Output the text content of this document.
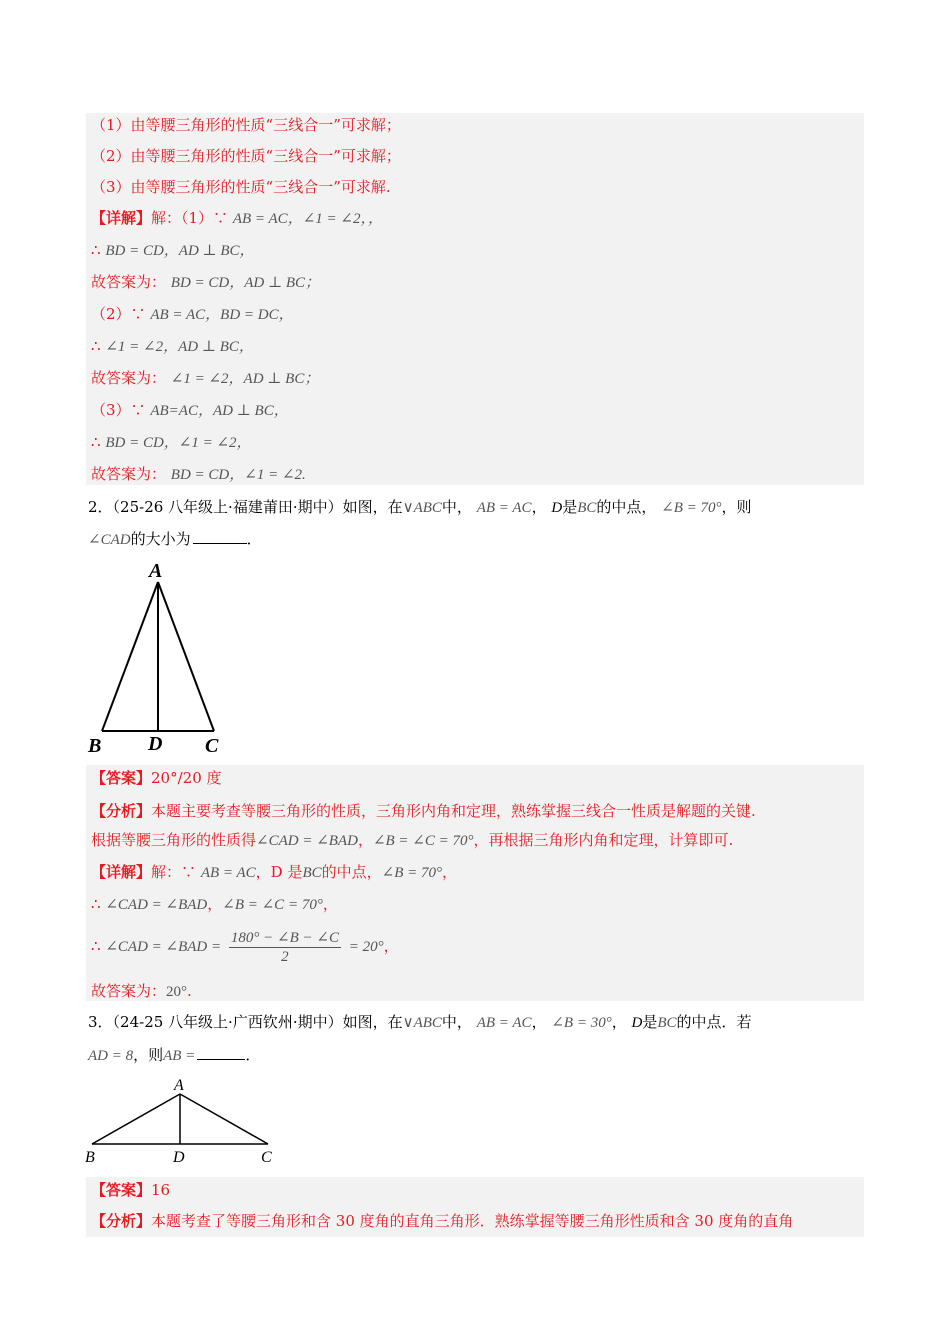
（1）由等腰三角形的性质“三线合一”可求解；
（2）由等腰三角形的性质“三线合一”可求解；
（3）由等腰三角形的性质“三线合一”可求解.
【详解】解：（1）∵ AB = AC，∠1 = ∠2，，
∴ BD = CD，AD ⊥ BC，
故答案为： BD = CD，AD ⊥ BC；
（2）∵ AB = AC，BD = DC，
∴ ∠1 = ∠2，AD ⊥ BC，
故答案为： ∠1 = ∠2，AD ⊥ BC；
（3）∵ AB=AC，AD ⊥ BC，
∴ BD = CD，∠1 = ∠2，
故答案为： BD = CD，∠1 = ∠2.
2．（25-26 八年级上·福建莆田·期中）如图，在∨ABC中， AB = AC， D是BC的中点， ∠B = 70°，则
∠CAD的大小为	．
A
B D C
【答案】20°/20 度
【分析】本题主要考查等腰三角形的性质，三角形内角和定理，熟练掌握三线合一性质是解题的关键.
根据等腰三角形的性质得∠CAD = ∠BAD，∠B = ∠C = 70°，再根据三角形内角和定理，计算即可.
【详解】解：∵ AB = AC，D 是BC的中点，∠B = 70°，
∴ ∠CAD = ∠BAD，∠B = ∠C = 70°，
∴ ∠CAD = ∠BAD = $\frac{180^\circ - \angle B - \angle C}{2} = 20^\circ$，
故答案为：20°.
3．（24-25 八年级上·广西钦州·期中）如图，在∨ABC中， AB = AC， ∠B = 30°， D是BC的中点．若
AD = 8，则AB =	．
A
B	D	C
【答案】16
【分析】本题考查了等腰三角形和含 30 度角的直角三角形．熟练掌握等腰三角形性质和含 30 度角的直角
